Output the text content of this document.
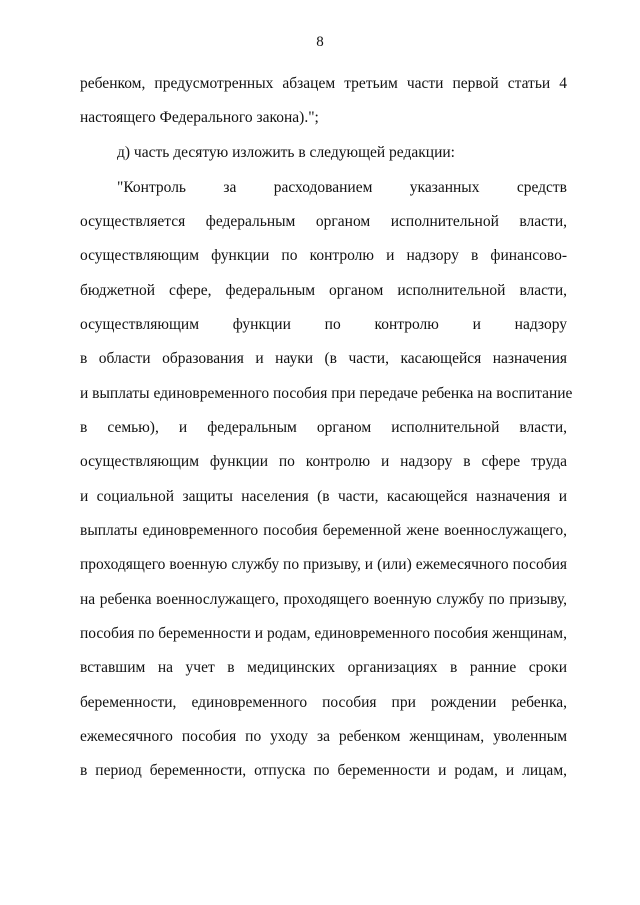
8
ребенком, предусмотренных абзацем третьим части первой статьи 4
настоящего Федерального закона).";
д) часть десятую изложить в следующей редакции:
"Контроль за расходованием указанных средств
осуществляется федеральным органом исполнительной власти,
осуществляющим функции по контролю и надзору в финансово-
бюджетной сфере, федеральным органом исполнительной власти,
осуществляющим функции по контролю и надзору
в области образования и науки (в части, касающейся назначения
и выплаты единовременного пособия при передаче ребенка на воспитание
в семью), и федеральным органом исполнительной власти,
осуществляющим функции по контролю и надзору в сфере труда
и социальной защиты населения (в части, касающейся назначения и
выплаты единовременного пособия беременной жене военнослужащего,
проходящего военную службу по призыву, и (или) ежемесячного пособия
на ребенка военнослужащего, проходящего военную службу по призыву,
пособия по беременности и родам, единовременного пособия женщинам,
вставшим на учет в медицинских организациях в ранние сроки
беременности, единовременного пособия при рождении ребенка,
ежемесячного пособия по уходу за ребенком женщинам, уволенным
в период беременности, отпуска по беременности и родам, и лицам,
